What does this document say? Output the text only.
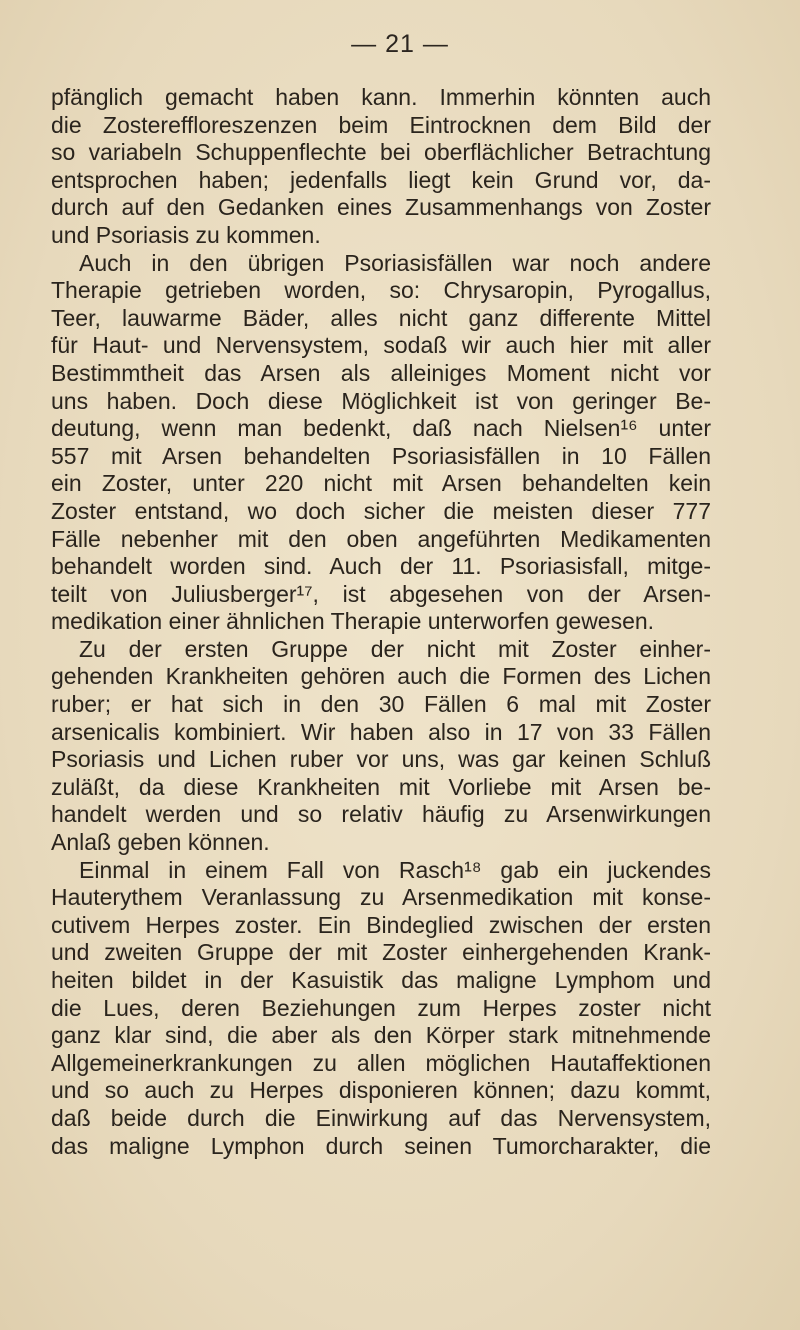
— 21 —
pfänglich gemacht haben kann. Immerhin könnten auch
die Zostereffloreszenzen beim Eintrocknen dem Bild der
so variabeln Schuppenflechte bei oberflächlicher Betrachtung
entsprochen haben; jedenfalls liegt kein Grund vor, da-
durch auf den Gedanken eines Zusammenhangs von Zoster
und Psoriasis zu kommen.
Auch in den übrigen Psoriasisfällen war noch andere
Therapie getrieben worden, so: Chrysaropin, Pyrogallus,
Teer, lauwarme Bäder, alles nicht ganz differente Mittel
für Haut- und Nervensystem, sodaß wir auch hier mit aller
Bestimmtheit das Arsen als alleiniges Moment nicht vor
uns haben. Doch diese Möglichkeit ist von geringer Be-
deutung, wenn man bedenkt, daß nach Nielsen¹⁶ unter
557 mit Arsen behandelten Psoriasisfällen in 10 Fällen
ein Zoster, unter 220 nicht mit Arsen behandelten kein
Zoster entstand, wo doch sicher die meisten dieser 777
Fälle nebenher mit den oben angeführten Medikamenten
behandelt worden sind. Auch der 11. Psoriasisfall, mitge-
teilt von Juliusberger¹⁷, ist abgesehen von der Arsen-
medikation einer ähnlichen Therapie unterworfen gewesen.
Zu der ersten Gruppe der nicht mit Zoster einher-
gehenden Krankheiten gehören auch die Formen des Lichen
ruber; er hat sich in den 30 Fällen 6 mal mit Zoster
arsenicalis kombiniert. Wir haben also in 17 von 33 Fällen
Psoriasis und Lichen ruber vor uns, was gar keinen Schluß
zuläßt, da diese Krankheiten mit Vorliebe mit Arsen be-
handelt werden und so relativ häufig zu Arsenwirkungen
Anlaß geben können.
Einmal in einem Fall von Rasch¹⁸ gab ein juckendes
Hauterythem Veranlassung zu Arsenmedikation mit konse-
cutivem Herpes zoster. Ein Bindeglied zwischen der ersten
und zweiten Gruppe der mit Zoster einhergehenden Krank-
heiten bildet in der Kasuistik das maligne Lymphom und
die Lues, deren Beziehungen zum Herpes zoster nicht
ganz klar sind, die aber als den Körper stark mitnehmende
Allgemeinerkrankungen zu allen möglichen Hautaffektionen
und so auch zu Herpes disponieren können; dazu kommt,
daß beide durch die Einwirkung auf das Nervensystem,
das maligne Lymphon durch seinen Tumorcharakter, die
